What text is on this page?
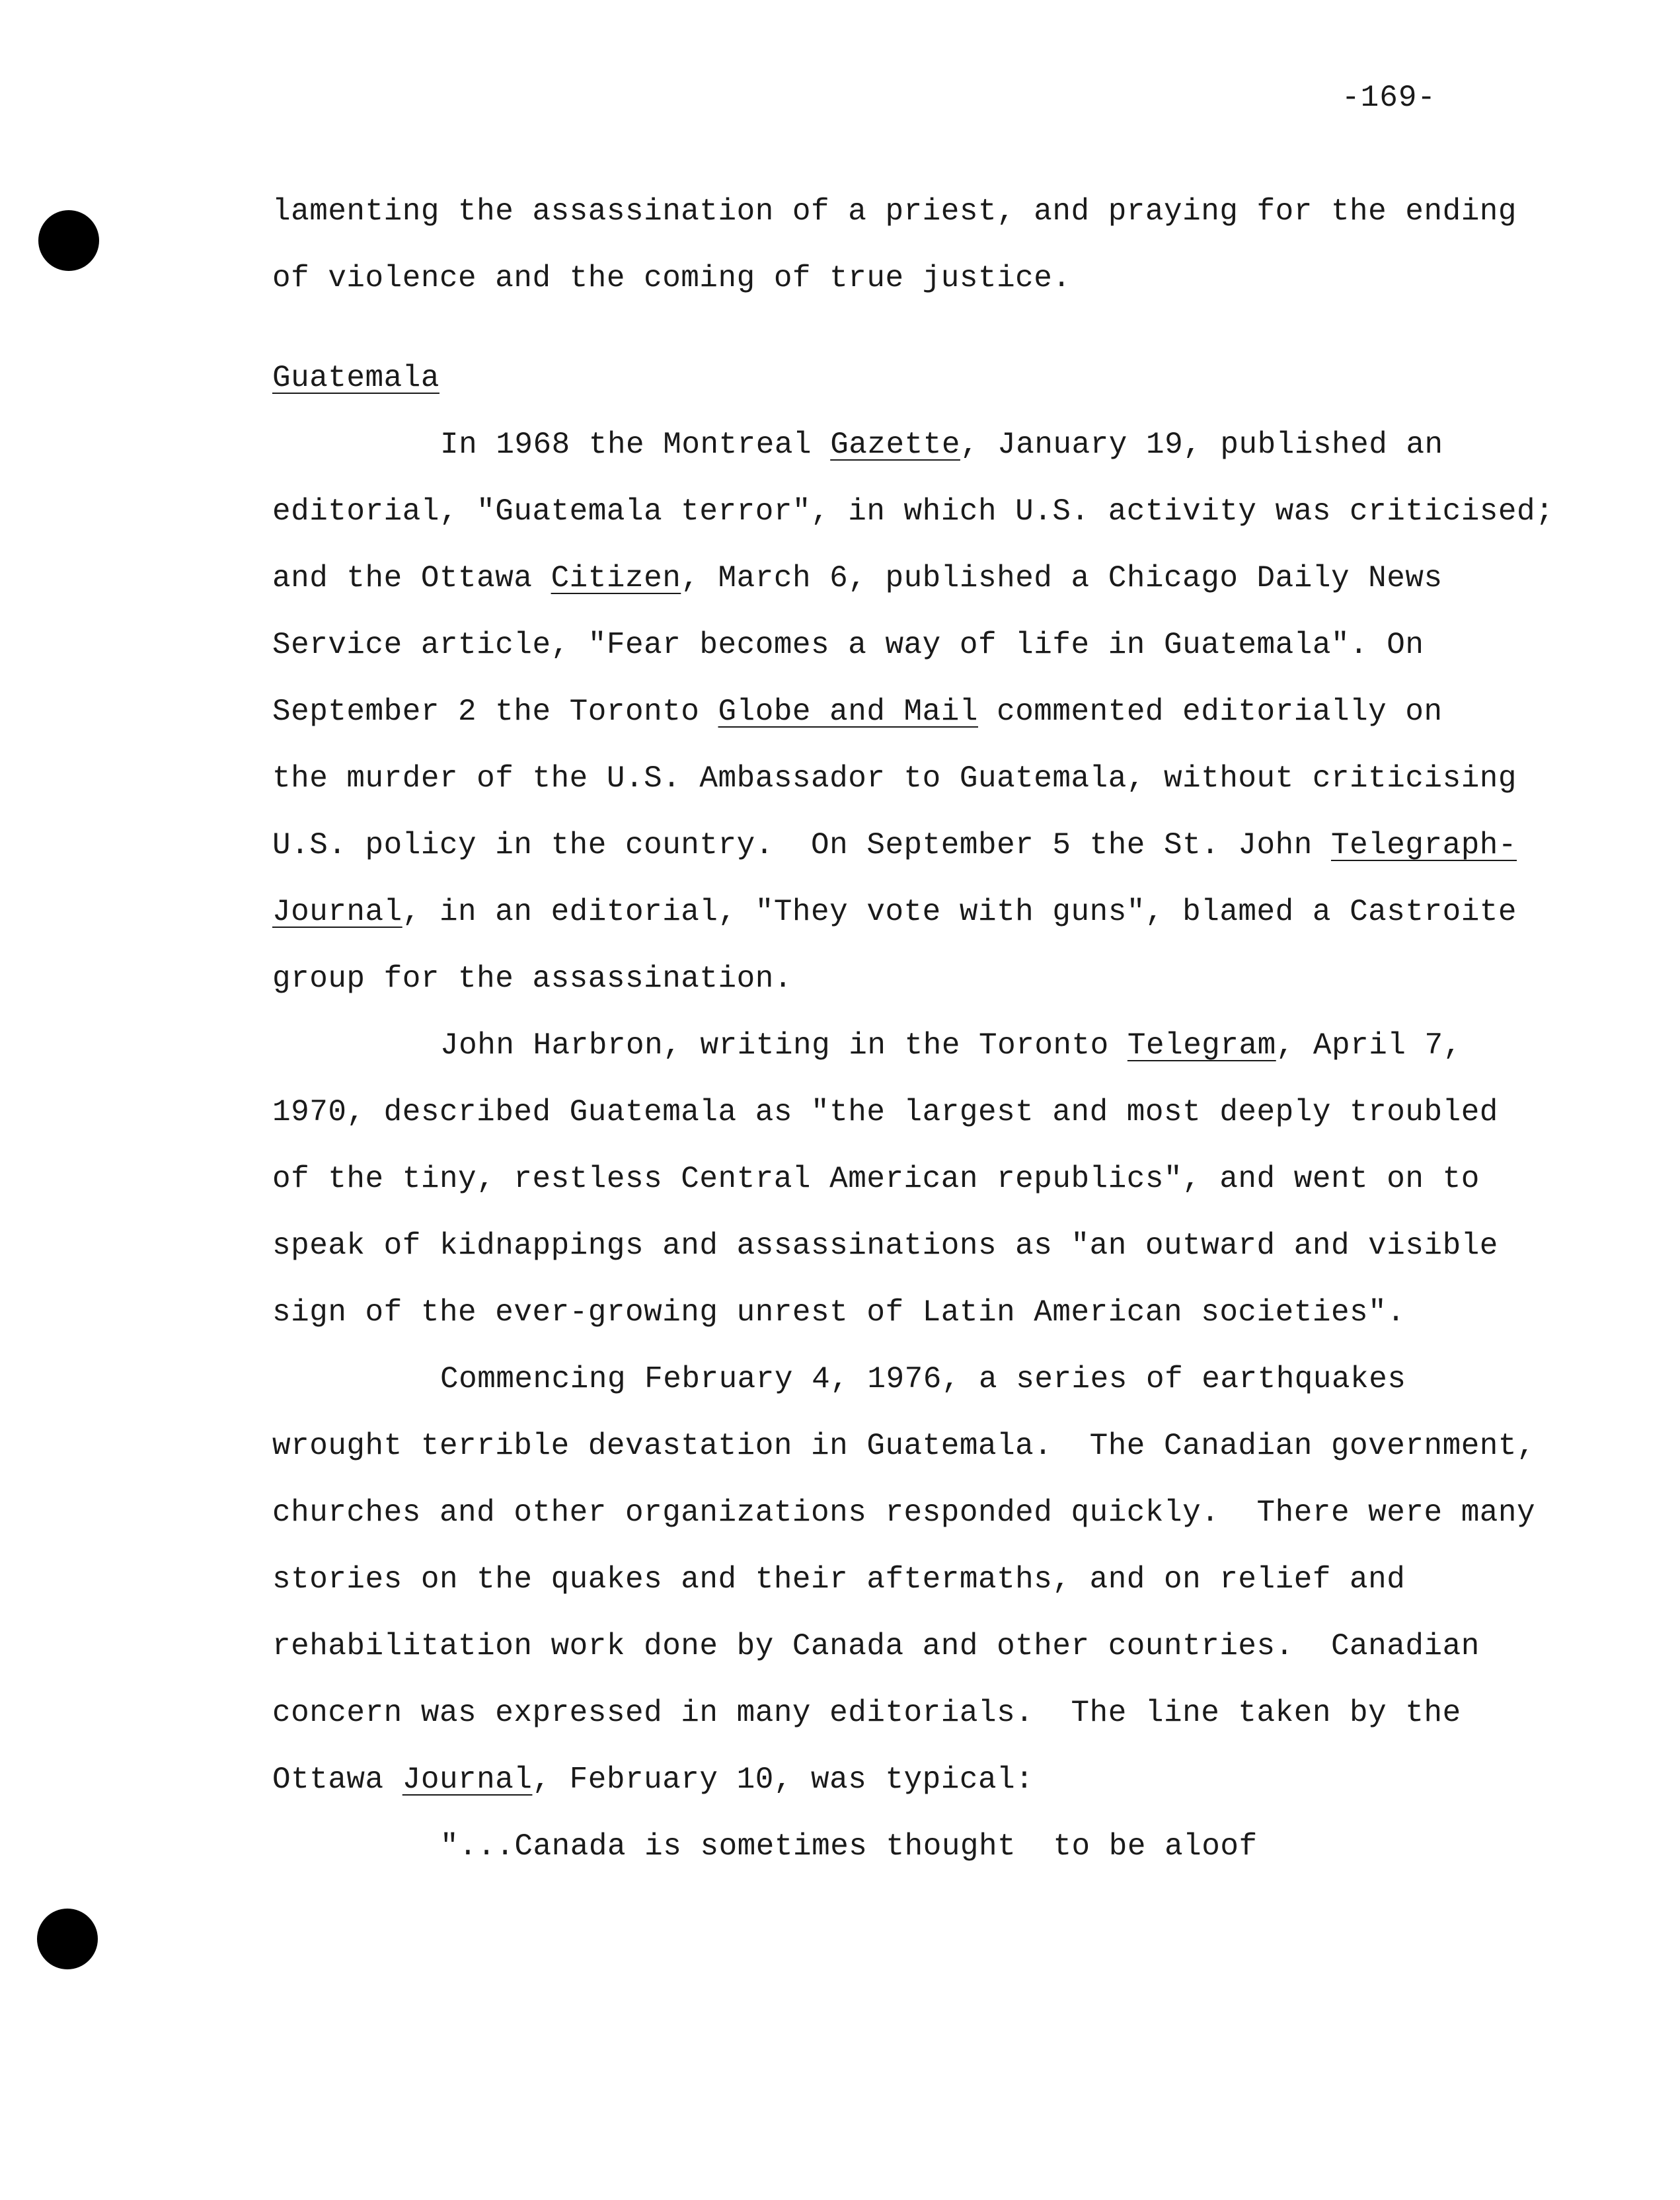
-169-
lamenting the assassination of a priest, and praying for the ending
of violence and the coming of true justice.
Guatemala
In 1968 the Montreal Gazette, January 19, published an
editorial, "Guatemala terror", in which U.S. activity was criticised;
and the Ottawa Citizen, March 6, published a Chicago Daily News
Service article, "Fear becomes a way of life in Guatemala". On
September 2 the Toronto Globe and Mail commented editorially on
the murder of the U.S. Ambassador to Guatemala, without criticising
U.S. policy in the country.  On September 5 the St. John Telegraph-
Journal, in an editorial, "They vote with guns", blamed a Castroite
group for the assassination.
John Harbron, writing in the Toronto Telegram, April 7,
1970, described Guatemala as "the largest and most deeply troubled
of the tiny, restless Central American republics", and went on to
speak of kidnappings and assassinations as "an outward and visible
sign of the ever-growing unrest of Latin American societies".
Commencing February 4, 1976, a series of earthquakes
wrought terrible devastation in Guatemala.  The Canadian government,
churches and other organizations responded quickly.  There were many
stories on the quakes and their aftermaths, and on relief and
rehabilitation work done by Canada and other countries.  Canadian
concern was expressed in many editorials.  The line taken by the
Ottawa Journal, February 10, was typical:
"...Canada is sometimes thought  to be aloof
